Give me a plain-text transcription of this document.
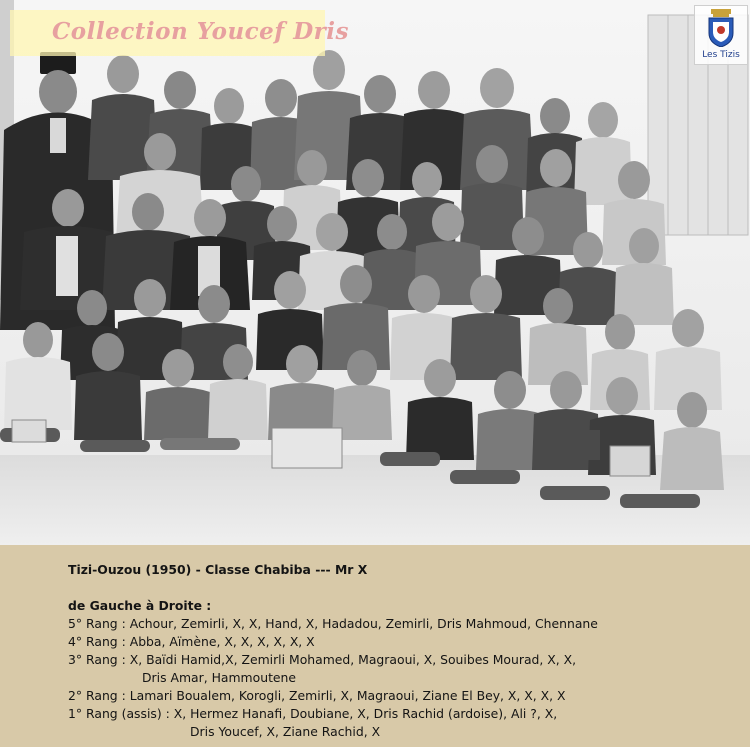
Collection Youcef Dris
Les Tizis

Tizi-Ouzou (1950) - Classe Chabiba --- Mr X

de Gauche à Droite :

5° Rang : Achour, Zemirli, X, X, Hand, X, Hadadou, Zemirli, Dris Mahmoud, Chennane

4° Rang : Abba, Aïmène, X, X, X, X, X, X

3° Rang : X, Baïdi Hamid,X, Zemirli Mohamed, Magraoui, X, Souibes Mourad, X, X,

Dris Amar, Hammoutene

2° Rang : Lamari Boualem, Korogli, Zemirli, X, Magraoui, Ziane El Bey, X, X, X, X

1° Rang (assis) : X, Hermez Hanafi, Doubiane, X, Dris Rachid (ardoise), Ali ?, X,

Dris Youcef, X, Ziane Rachid, X
